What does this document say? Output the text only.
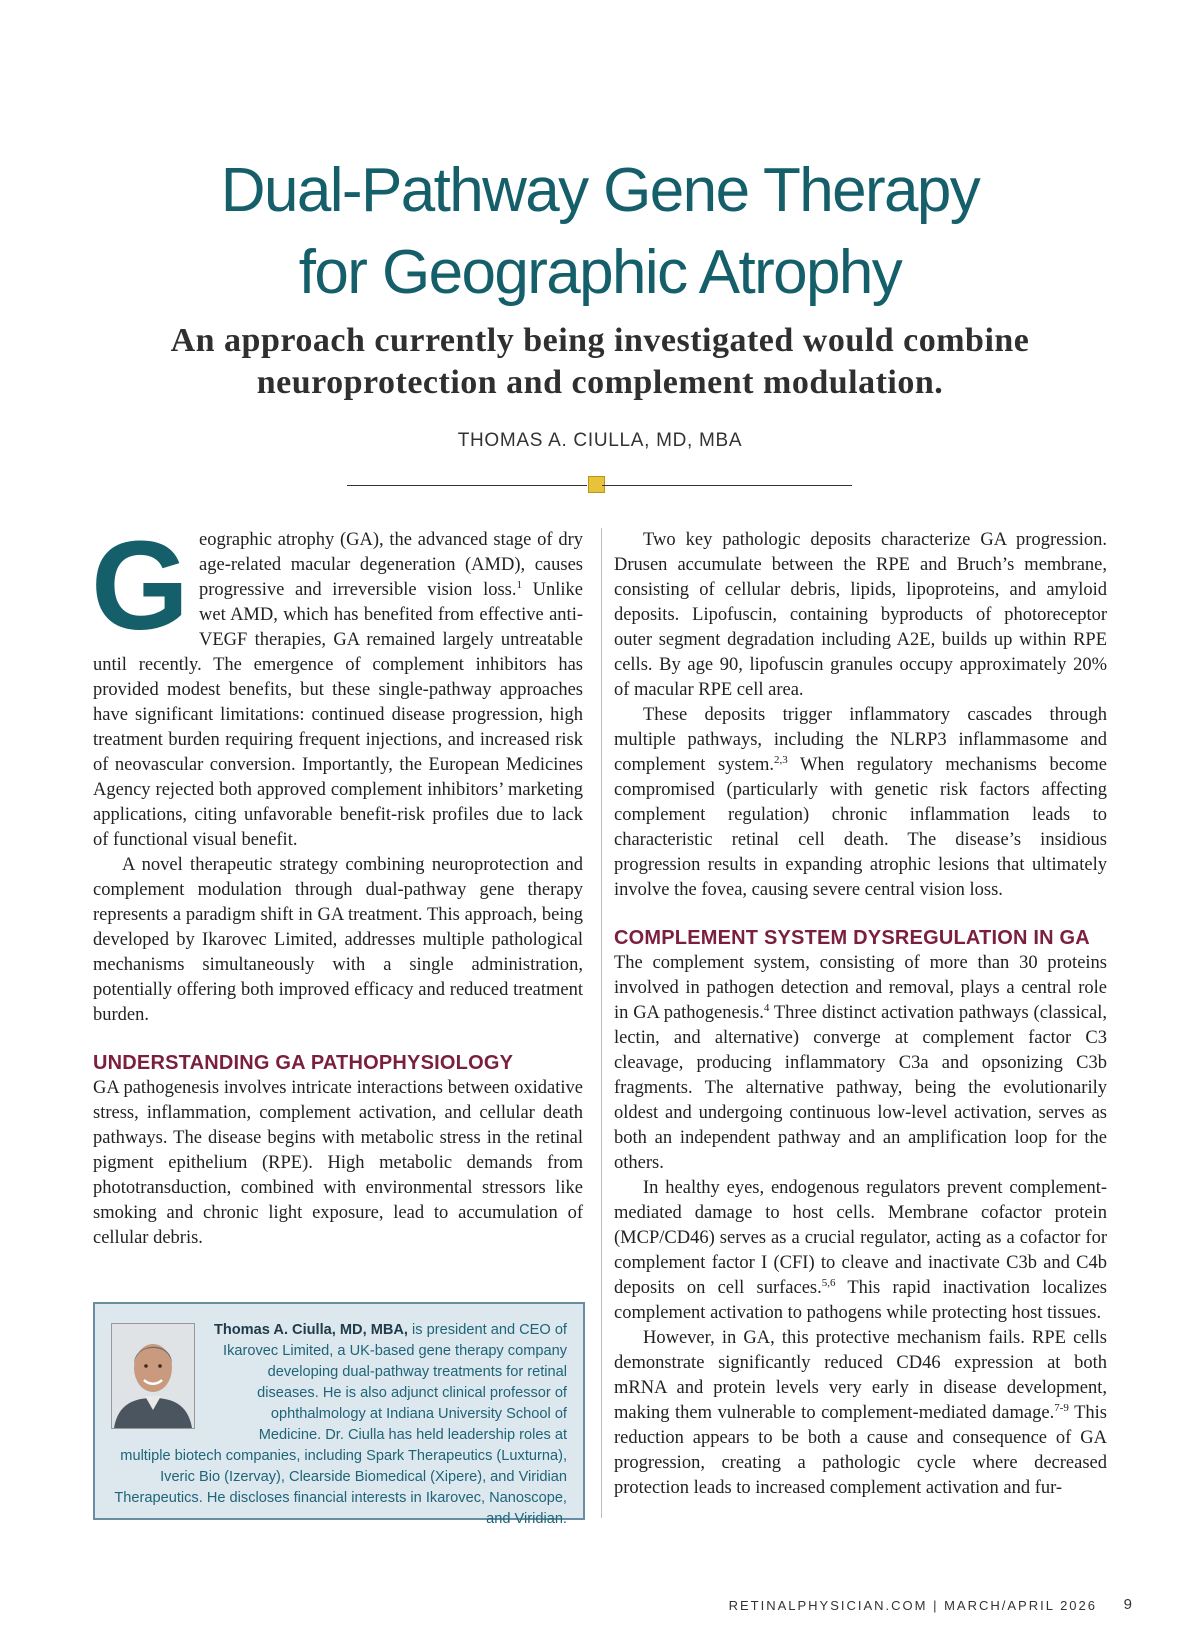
Dual-Pathway Gene Therapy
for Geographic Atrophy
An approach currently being investigated would combine
neuroprotection and complement modulation.
THOMAS A. CIULLA, MD, MBA

Geographic atrophy (GA), the advanced stage of dry age-related macular degeneration (AMD), causes progressive and irreversible vision loss.$^1$ Unlike wet AMD, which has benefited from effective anti-VEGF therapies, GA remained largely untreatable until recently. The emergence of complement inhibitors has provided modest benefits, but these single-pathway approaches have significant limitations: continued disease progression, high treatment burden requiring frequent injections, and increased risk of neovascular conversion. Importantly, the European Medicines Agency rejected both approved complement inhibitors’ marketing applications, citing unfavorable benefit-risk profiles due to lack of functional visual benefit.

A novel therapeutic strategy combining neuroprotection and complement modulation through dual-pathway gene therapy represents a paradigm shift in GA treatment. This approach, being developed by Ikarovec Limited, addresses multiple pathological mechanisms simultaneously with a single administration, potentially offering both improved efficacy and reduced treatment burden.

UNDERSTANDING GA PATHOPHYSIOLOGY

GA pathogenesis involves intricate interactions between oxidative stress, inflammation, complement activation, and cellular death pathways. The disease begins with metabolic stress in the retinal pigment epithelium (RPE). High metabolic demands from phototransduction, combined with environmental stressors like smoking and chronic light exposure, lead to accumulation of cellular debris.

Thomas A. Ciulla, MD, MBA, is president and CEO of Ikarovec Limited, a UK-based gene therapy company developing dual-pathway treatments for retinal diseases. He is also adjunct clinical professor of ophthalmology at Indiana University School of Medicine. Dr. Ciulla has held leadership roles at multiple biotech companies, including Spark Therapeutics (Luxturna), Iveric Bio (Izervay), Clearside Biomedical (Xipere), and Viridian Therapeutics. He discloses financial interests in Ikarovec, Nanoscope, and Viridian.

Two key pathologic deposits characterize GA progression. Drusen accumulate between the RPE and Bruch’s membrane, consisting of cellular debris, lipids, lipoproteins, and amyloid deposits. Lipofuscin, containing byproducts of photoreceptor outer segment degradation including A2E, builds up within RPE cells. By age 90, lipofuscin granules occupy approximately 20% of macular RPE cell area.

These deposits trigger inflammatory cascades through multiple pathways, including the NLRP3 inflammasome and complement system.$^{2,3}$ When regulatory mechanisms become compromised (particularly with genetic risk factors affecting complement regulation) chronic inflammation leads to characteristic retinal cell death. The disease’s insidious progression results in expanding atrophic lesions that ultimately involve the fovea, causing severe central vision loss.

COMPLEMENT SYSTEM DYSREGULATION IN GA

The complement system, consisting of more than 30 proteins involved in pathogen detection and removal, plays a central role in GA pathogenesis.$^4$ Three distinct activation pathways (classical, lectin, and alternative) converge at complement factor C3 cleavage, producing inflammatory C3a and opsonizing C3b fragments. The alternative pathway, being the evolutionarily oldest and undergoing continuous low-level activation, serves as both an independent pathway and an amplification loop for the others.

In healthy eyes, endogenous regulators prevent complement-mediated damage to host cells. Membrane cofactor protein (MCP/CD46) serves as a crucial regulator, acting as a cofactor for complement factor I (CFI) to cleave and inactivate C3b and C4b deposits on cell surfaces.$^{5,6}$ This rapid inactivation localizes complement activation to pathogens while protecting host tissues.

However, in GA, this protective mechanism fails. RPE cells demonstrate significantly reduced CD46 expression at both mRNA and protein levels very early in disease development, making them vulnerable to complement-mediated damage.$^{7-9}$ This reduction appears to be both a cause and consequence of GA progression, creating a pathologic cycle where decreased protection leads to increased complement activation and fur-

RETINALPHYSICIAN.COM | MARCH/APRIL 2026 9
